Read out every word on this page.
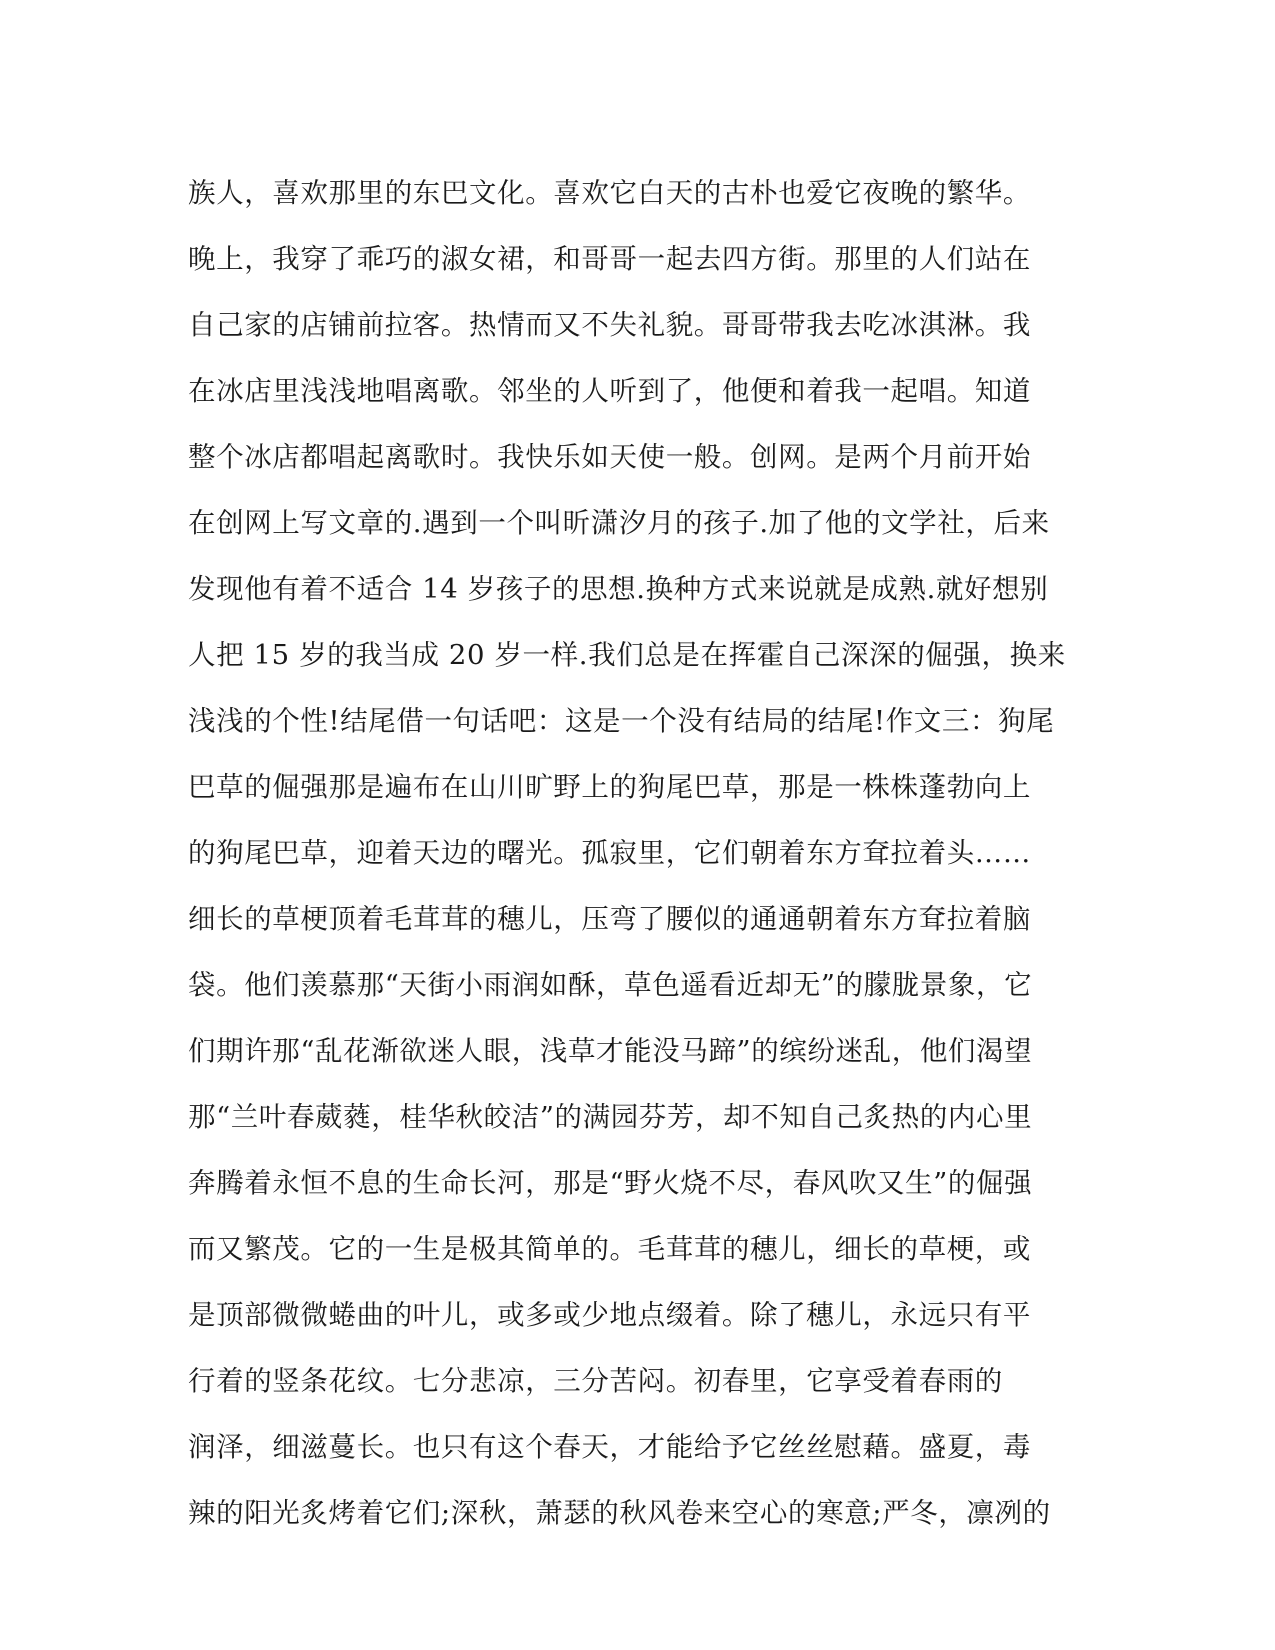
族人，喜欢那里的东巴文化。喜欢它白天的古朴也爱它夜晚的繁华。
晚上，我穿了乖巧的淑女裙，和哥哥一起去四方街。那里的人们站在
自己家的店铺前拉客。热情而又不失礼貌。哥哥带我去吃冰淇淋。我
在冰店里浅浅地唱离歌。邻坐的人听到了，他便和着我一起唱。知道
整个冰店都唱起离歌时。我快乐如天使一般。创网。是两个月前开始
在创网上写文章的.遇到一个叫昕潇汐月的孩子.加了他的文学社，后来
发现他有着不适合 14 岁孩子的思想.换种方式来说就是成熟.就好想别
人把 15 岁的我当成 20 岁一样.我们总是在挥霍自己深深的倔强，换来
浅浅的个性!结尾借一句话吧：这是一个没有结局的结尾!作文三：狗尾
巴草的倔强那是遍布在山川旷野上的狗尾巴草，那是一株株蓬勃向上
的狗尾巴草，迎着天边的曙光。孤寂里，它们朝着东方耷拉着头……
细长的草梗顶着毛茸茸的穗儿，压弯了腰似的通通朝着东方耷拉着脑
袋。他们羡慕那“天街小雨润如酥，草色遥看近却无”的朦胧景象，它
们期许那“乱花渐欲迷人眼，浅草才能没马蹄”的缤纷迷乱，他们渴望
那“兰叶春葳蕤，桂华秋皎洁”的满园芬芳，却不知自己炙热的内心里
奔腾着永恒不息的生命长河，那是“野火烧不尽，春风吹又生”的倔强
而又繁茂。它的一生是极其简单的。毛茸茸的穗儿，细长的草梗，或
是顶部微微蜷曲的叶儿，或多或少地点缀着。除了穗儿，永远只有平
行着的竖条花纹。七分悲凉，三分苦闷。初春里，它享受着春雨的
润泽，细滋蔓长。也只有这个春天，才能给予它丝丝慰藉。盛夏，毒
辣的阳光炙烤着它们;深秋，萧瑟的秋风卷来空心的寒意;严冬，凛冽的
